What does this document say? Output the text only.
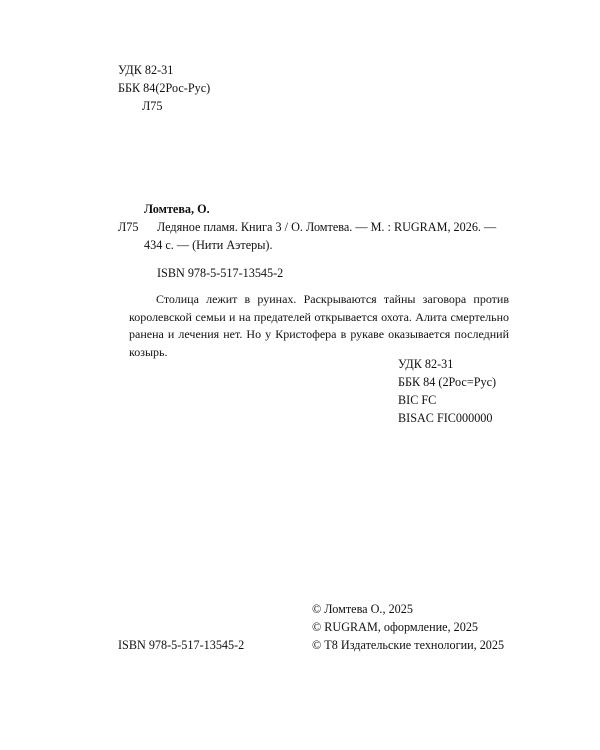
УДК 82-31
ББК 84(2Рос-Рус)
Л75
Ломтева, О.
Л75 Ледяное пламя. Книга 3 / О. Ломтева. — М. : RUGRAM, 2026. —
434 с. — (Нити Аэтеры).
ISBN 978-5-517-13545-2
Столица лежит в руинах. Раскрываются тайны заговора против королевской семьи и на предателей открывается охота. Алита смертельно ранена и лечения нет. Но у Кристофера в рукаве оказывается последний козырь.
УДК 82-31
ББК 84 (2Рос=Рус)
BIC FC
BISAC FIC000000
© Ломтева О., 2025
© RUGRAM, оформление, 2025
ISBN 978-5-517-13545-2	© Т8 Издательские технологии, 2025
